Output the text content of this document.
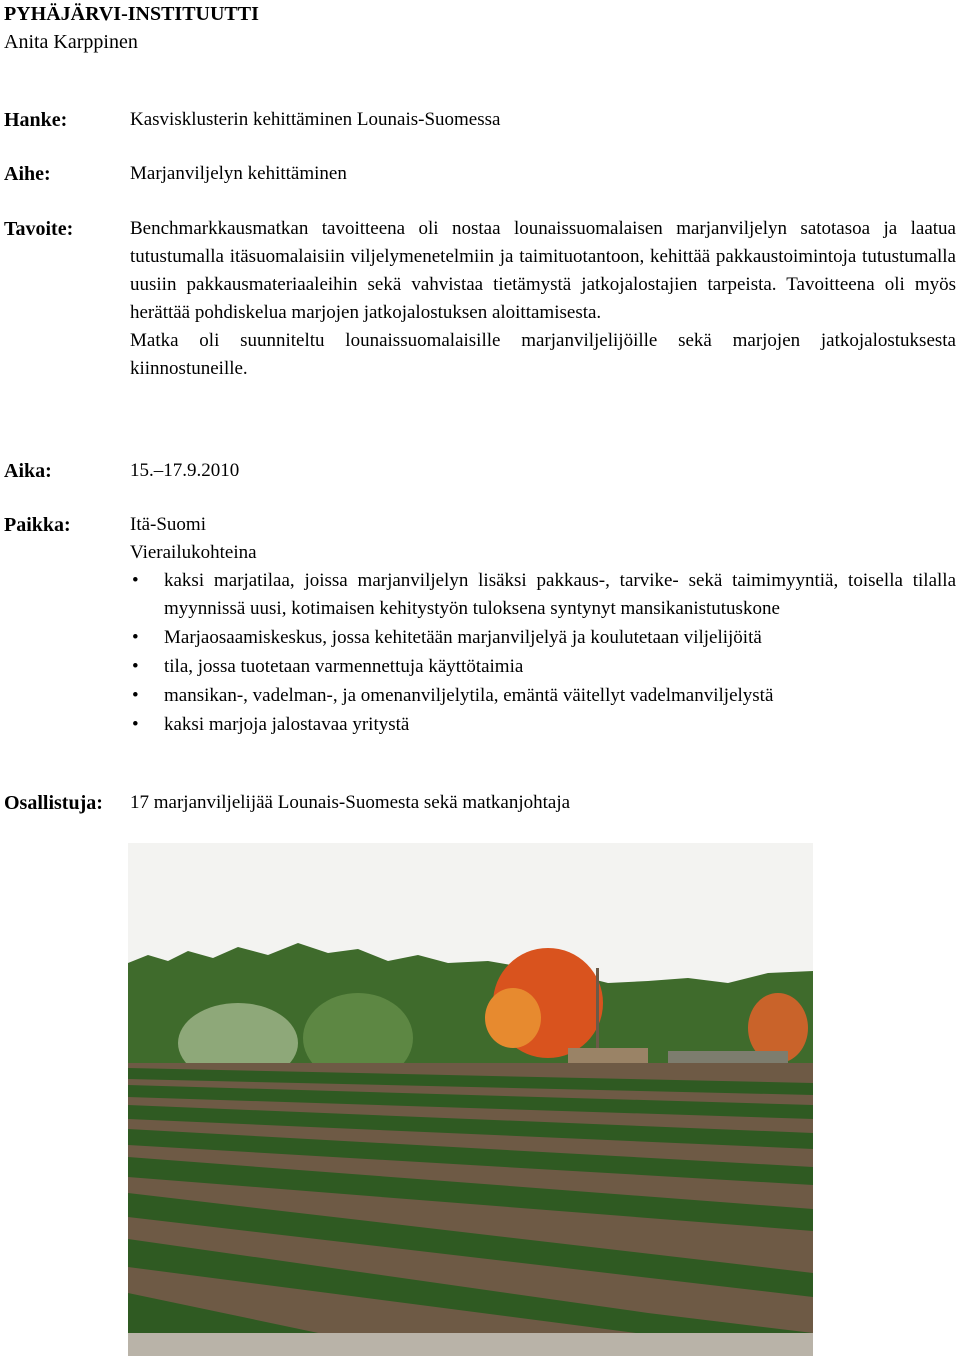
PYHÄJÄRVI-INSTITUUTTI
Anita Karppinen
Hanke:	Kasvisklusterin kehittäminen Lounais-Suomessa
Aihe:	Marjanviljelyn kehittäminen
Tavoite:	Benchmarkkausmatkan tavoitteena oli nostaa lounaissuomalaisen marjanviljelyn satotasoa ja laatua tutustumalla itäsuomalaisiin viljelymenetelmiin ja taimituotantoon, kehittää pakkaustoimintoja tutustumalla uusiin pakkausmateriaaleihin sekä vahvistaa tietämystä jatkojalostajien tarpeista. Tavoitteena oli myös herättää pohdiskelua marjojen jatkojalostuksen aloittamisesta.

Matka oli suunniteltu lounaissuomalaisille marjanviljelijöille sekä marjojen jatkojalostuksesta kiinnostuneille.

Aika:	15.–17.9.2010
Paikka:	Itä-Suomi
Vierailukohteina
• kaksi marjatilaa, joissa marjanviljelyn lisäksi pakkaus-, tarvike- sekä taimimyyntiä, toisella tilalla myynnissä uusi, kotimaisen kehitystyön tuloksena syntynyt mansikanistutuskone
• Marjaosaamiskeskus, jossa kehitetään marjanviljelyä ja koulutetaan viljelijöitä
• tila, jossa tuotetaan varmennettuja käyttötaimia
• mansikan-, vadelman-, ja omenanviljelytila, emäntä väitellyt vadelmanviljelystä
• kaksi marjoja jalostavaa yritystä
Osallistuja: 17 marjanviljelijää Lounais-Suomesta sekä matkanjohtaja
